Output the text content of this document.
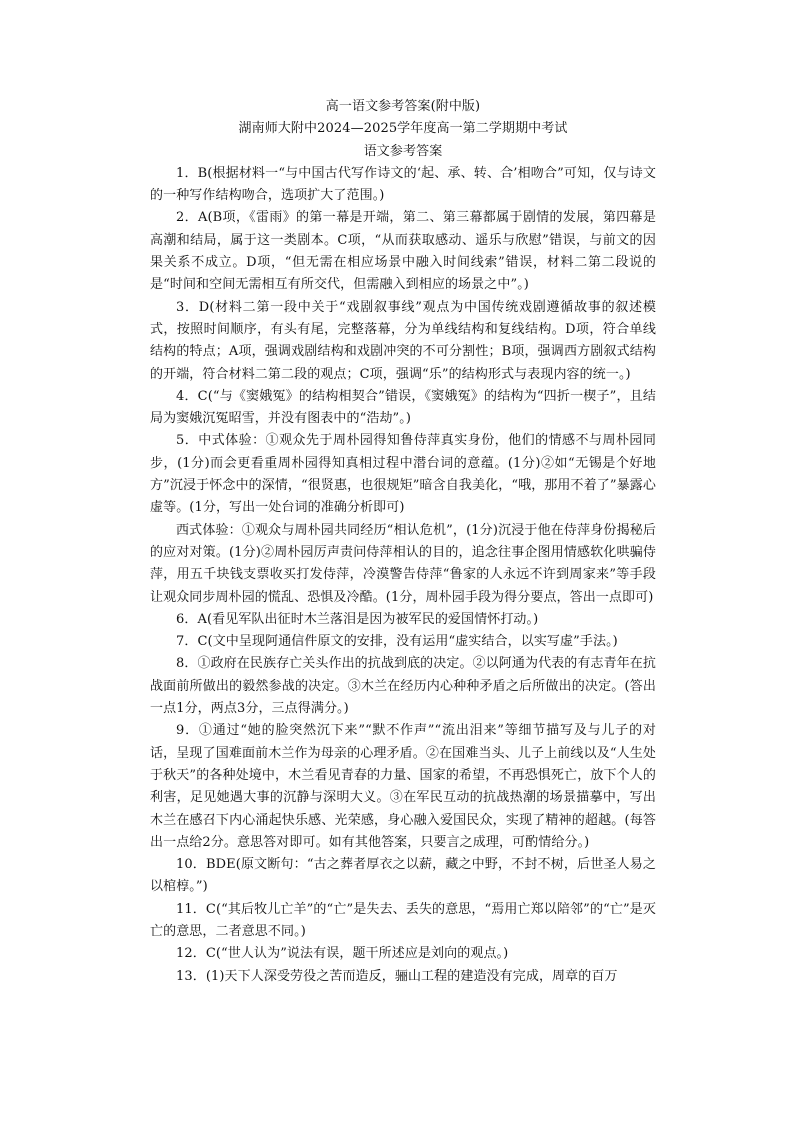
高一语文参考答案(附中版)
湖南师大附中2024—2025学年度高一第二学期期中考试
语文参考答案

1．B(根据材料一“与中国古代写作诗文的‘起、承、转、合’相吻合”可知，仅与诗文的一种写作结构吻合，选项扩大了范围。)

2．A(B项，《雷雨》的第一幕是开端，第二、第三幕都属于剧情的发展，第四幕是高潮和结局，属于这一类剧本。C项，“从而获取感动、遥乐与欣慰”错误，与前文的因果关系不成立。D项，“但无需在相应场景中融入时间线索”错误，材料二第二段说的是“时间和空间无需相互有所交代，但需融入到相应的场景之中”。)

3．D(材料二第一段中关于“戏剧叙事线”观点为中国传统戏剧遵循故事的叙述模式，按照时间顺序，有头有尾，完整落幕，分为单线结构和复线结构。D项，符合单线结构的特点；A项，强调戏剧结构和戏剧冲突的不可分割性；B项，强调西方剧叙式结构的开端，符合材料二第二段的观点；C项，强调“乐”的结构形式与表现内容的统一。)

4．C(“与《窦娥冤》的结构相契合”错误，《窦娥冤》的结构为“四折一楔子”，且结局为窦娥沉冤昭雪，并没有图表中的“浩劫”。)

5．中式体验：①观众先于周朴园得知鲁侍萍真实身份，他们的情感不与周朴园同步，(1分)而会更看重周朴园得知真相过程中潜台词的意蕴。(1分)②如“无锡是个好地方”沉浸于怀念中的深情，“很贤惠，也很规矩”暗含自我美化，“哦，那用不着了”暴露心虚等。(1分，写出一处台词的准确分析即可)

西式体验：①观众与周朴园共同经历“相认危机”，(1分)沉浸于他在侍萍身份揭秘后的应对对策。(1分)②周朴园厉声责问侍萍相认的目的，追念往事企图用情感软化哄骗侍萍，用五千块钱支票收买打发侍萍，冷漠警告侍萍“鲁家的人永远不许到周家来”等手段让观众同步周朴园的慌乱、恐惧及冷酷。(1分，周朴园手段为得分要点，答出一点即可)

6．A(看见军队出征时木兰落泪是因为被军民的爱国情怀打动。)

7．C(文中呈现阿通信件原文的安排，没有运用“虚实结合，以实写虚”手法。)

8．①政府在民族存亡关头作出的抗战到底的决定。②以阿通为代表的有志青年在抗战面前所做出的毅然参战的决定。③木兰在经历内心种种矛盾之后所做出的决定。(答出一点1分，两点3分，三点得满分。)

9．①通过“她的脸突然沉下来”“默不作声”“流出泪来”等细节描写及与儿子的对话，呈现了国难面前木兰作为母亲的心理矛盾。②在国难当头、儿子上前线以及“人生处于秋天”的各种处境中，木兰看见青春的力量、国家的希望，不再恐惧死亡，放下个人的利害，足见她遇大事的沉静与深明大义。③在军民互动的抗战热潮的场景描摹中，写出木兰在感召下内心涌起快乐感、光荣感，身心融入爱国民众，实现了精神的超越。(每答出一点给2分。意思答对即可。如有其他答案，只要言之成理，可酌情给分。)

10．BDE(原文断句：“古之葬者厚衣之以薪，藏之中野，不封不树，后世圣人易之以棺椁。”)

11．C(“其后牧儿亡羊”的“亡”是失去、丢失的意思，“焉用亡郑以陪邻”的“亡”是灭亡的意思，二者意思不同。)

12．C(“世人认为”说法有误，题干所述应是刘向的观点。)

13．(1)天下人深受劳役之苦而造反，骊山工程的建造没有完成，周章的百万
